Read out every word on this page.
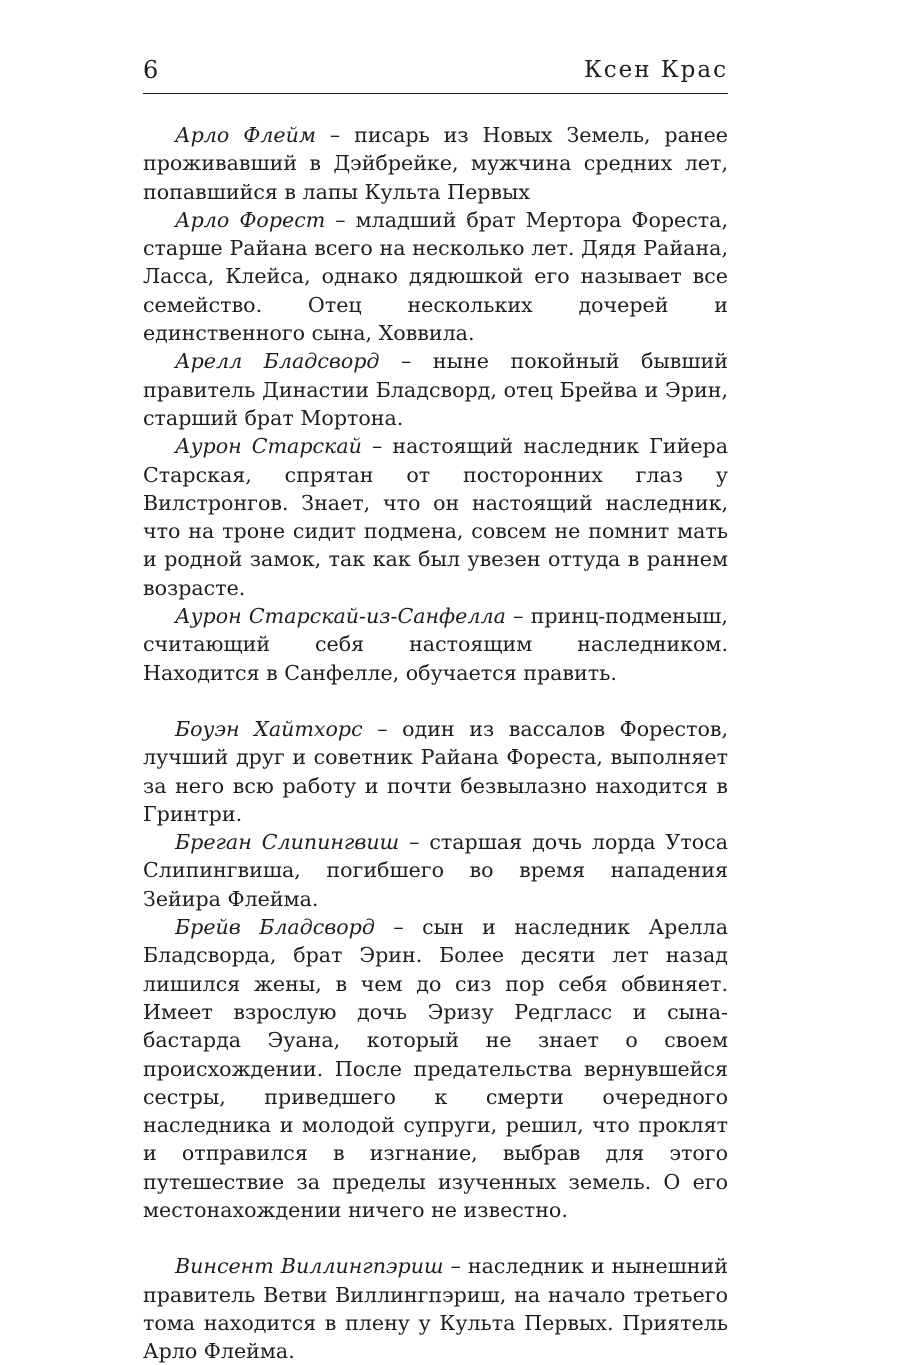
6	Ксен Крас

Арло Флейм – писарь из Новых Земель, ранее проживавший в Дэйбрейке, мужчина средних лет, попавшийся в лапы Культа Первых

Арло Форест – младший брат Мертора Фореста, старше Райана всего на несколько лет. Дядя Райана, Ласса, Клейса, однако дядюшкой его называет все семейство. Отец нескольких дочерей и единственного сына, Ховвила.

Арелл Бладсворд – ныне покойный бывший правитель Династии Бладсворд, отец Брейва и Эрин, старший брат Мортона.

Аурон Старскай – настоящий наследник Гийера Старская, спрятан от посторонних глаз у Вилстронгов. Знает, что он настоящий наследник, что на троне сидит подмена, совсем не помнит мать и родной замок, так как был увезен оттуда в раннем возрасте.

Аурон Старскай-из-Санфелла – принц-подменыш, считающий себя настоящим наследником. Находится в Санфелле, обучается править.

Боуэн Хайтхорс – один из вассалов Форестов, лучший друг и советник Райана Фореста, выполняет за него всю работу и почти безвылазно находится в Гринтри.

Бреган Слипингвиш – старшая дочь лорда Утоса Слипингвиша, погибшего во время нападения Зейира Флейма.

Брейв Бладсворд – сын и наследник Арелла Бладсворда, брат Эрин. Более десяти лет назад лишился жены, в чем до сиз пор себя обвиняет. Имеет взрослую дочь Эризу Редгласс и сына-бастарда Эуана, который не знает о своем происхождении. После предательства вернувшейся сестры, приведшего к смерти очередного наследника и молодой супруги, решил, что проклят и отправился в изгнание, выбрав для этого путешествие за пределы изученных земель. О его местонахождении ничего не известно.

Винсент Виллингпэриш – наследник и нынешний правитель Ветви Виллингпэриш, на начало третьего тома находится в плену у Культа Первых. Приятель Арло Флейма.
